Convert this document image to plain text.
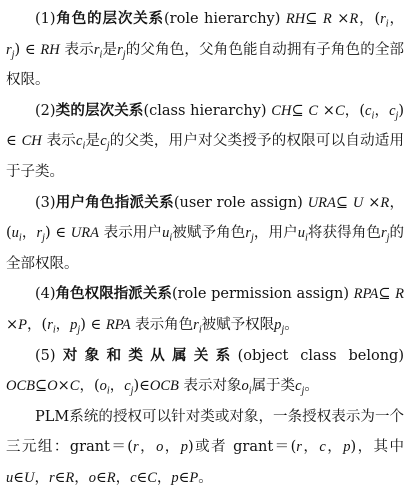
(1)角色的层次关系(role hierarchy) RH⊆ R ×R，($r_i$，$r_j$) ∈ RH 表示$r_i$是$r_j$的父角色，父角色能自动拥有子角色的全部权限。

(2)类的层次关系(class hierarchy) CH⊆ C ×C，($c_i$，$c_j$) ∈ CH 表示$c_i$是$c_j$的父类，用户对父类授予的权限可以自动适用于子类。

(3)用户角色指派关系(user role assign) URA⊆ U ×R，($u_i$，$r_j$) ∈ URA 表示用户$u_i$被赋予角色$r_j$，用户$u_i$将获得角色$r_j$的全部权限。

(4)角色权限指派关系(role permission assign) RPA⊆ R ×P，($r_i$，$p_j$) ∈ RPA 表示角色$r_i$被赋予权限$p_j$。

(5)对象和类从属关系(object class belong) OCB⊆O×C，($o_i$，$c_j)\in OCB$ 表示对象$o_i$属于类$c_j$。

PLM系统的授权可以针对类或对象，一条授权表示为一个三元组：grant＝(r，o，p)或者 grant＝(r，c，p)，其中u∈U，r∈R，o∈R，c∈C，p∈P。
